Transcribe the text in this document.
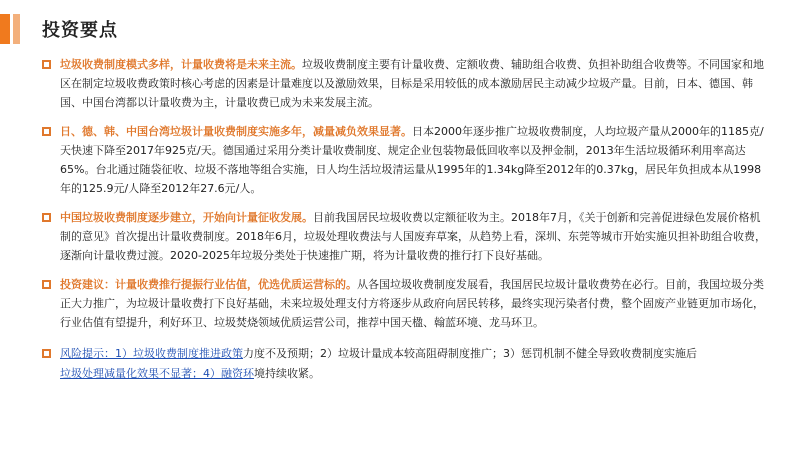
投资要点
垃圾收费制度模式多样，计量收费将是未来主流。垃圾收费制度主要有计量收费、定额收费、辅助组合收费、负担补助组合收费等。不同国家和地区在制定垃圾收费政策时核心考虑的因素是计量难度以及激励效果，目标是采用较低的成本激励居民主动减少垃圾产量。目前，日本、德国、韩国、中国台湾都以计量收费为主，计量收费已成为未来发展主流。
日、德、韩、中国台湾垃圾计量收费制度实施多年，减量减负效果显著。日本2000年逐步推广垃圾收费制度，人均垃圾产量从2000年的1185克/天快速下降至2017年925克/天。德国通过采用分类计量收费制度、规定企业包装物最低回收率以及押金制，2013年生活垃圾循环利用率高达65%。台北通过随袋征收、垃圾不落地等组合实施，日人均生活垃圾清运量从1995年的1.34kg降至2012年的0.37kg，居民年负担成本从1998年的125.9元/人降至2012年27.6元/人。
中国垃圾收费制度逐步建立，开始向计量征收发展。目前我国居民垃圾收费以定额征收为主。2018年7月，《关于创新和完善促进绿色发展价格机制的意见》首次提出计量收费制度。2018年6月，垃圾处理收费法与人国废弃草案，从趋势上看，深圳、东莞等城市开始实施贝担补助组合收费，逐渐向计量收费过渡。2020-2025年垃圾分类处于快速推广期，将为计量收费的推行打下良好基础。
投资建议：计量收费推行提振行业估值，优选优质运营标的。从各国垃圾收费制度发展看，我国居民垃圾计量收费势在必行。目前，我国垃圾分类正大力推广，为垃圾计量收费打下良好基础，未来垃圾处理支付方将逐步从政府向居民转移，最终实现污染者付费，整个固废产业链更加市场化，行业估值有望提升，利好环卫、垃圾焚烧领域优质运营公司，推荐中国天楹、翰蓝环境、龙马环卫。
风险提示：1）垃圾收费制度推进政策力度不及预期；2）垃圾计量成本较高阻碍制度推广；3）惩罚机制不健全导致收费制度实施后
垃圾处理减量化效果不显著；4）融资环境持续收紧。
